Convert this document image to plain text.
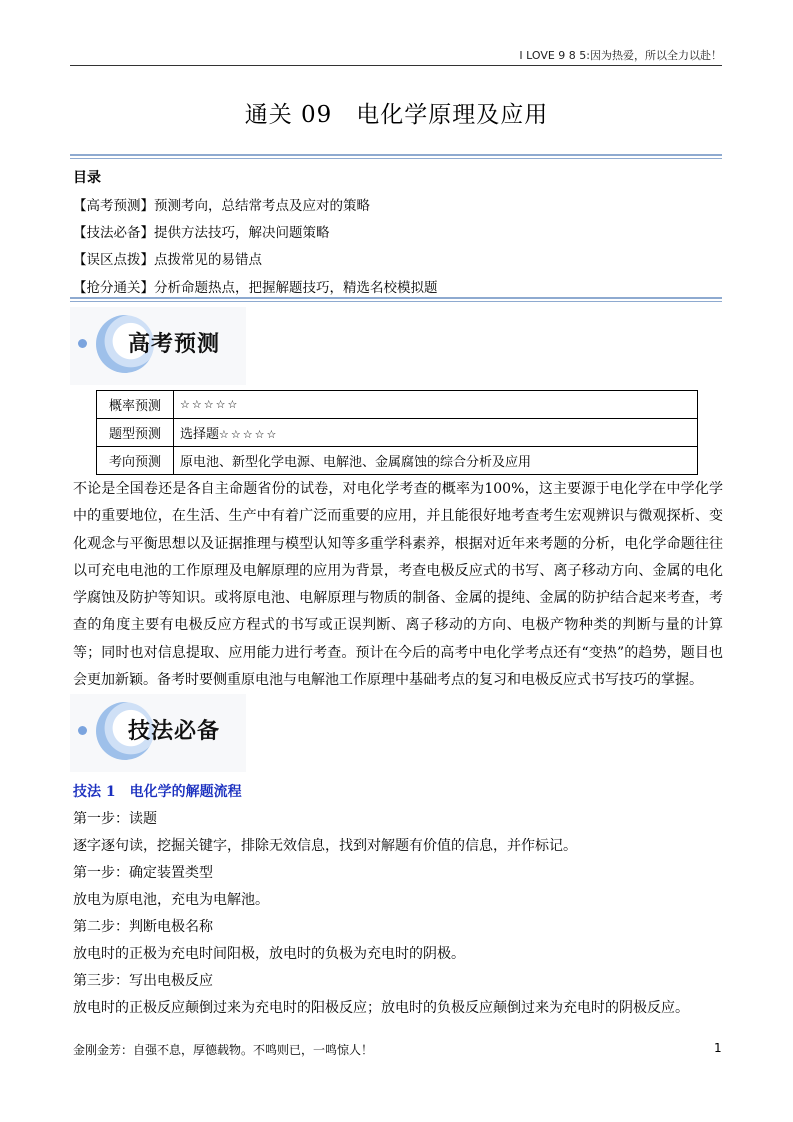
I LOVE 9 8 5:因为热爱，所以全力以赴！
通关 09　电化学原理及应用
目录
【高考预测】预测考向，总结常考点及应对的策略
【技法必备】提供方法技巧，解决问题策略
【误区点拨】点拨常见的易错点
【抢分通关】分析命题热点，把握解题技巧，精选名校模拟题
高考预测
概率预测	☆☆☆☆☆
题型预测	选择题☆☆☆☆☆
考向预测	原电池、新型化学电源、电解池、金属腐蚀的综合分析及应用
不论是全国卷还是各自主命题省份的试卷，对电化学考查的概率为100%，这主要源于电化学在中学化学中的重要地位，在生活、生产中有着广泛而重要的应用，并且能很好地考查考生宏观辨识与微观探析、变化观念与平衡思想以及证据推理与模型认知等多重学科素养，根据对近年来考题的分析，电化学命题往往以可充电电池的工作原理及电解原理的应用为背景，考查电极反应式的书写、离子移动方向、金属的电化学腐蚀及防护等知识。或将原电池、电解原理与物质的制备、金属的提纯、金属的防护结合起来考查，考查的角度主要有电极反应方程式的书写或正误判断、离子移动的方向、电极产物种类的判断与量的计算等；同时也对信息提取、应用能力进行考查。预计在今后的高考中电化学考点还有“变热”的趋势，题目也会更加新颖。备考时要侧重原电池与电解池工作原理中基础考点的复习和电极反应式书写技巧的掌握。
技法必备
技法 1　电化学的解题流程
第一步：读题
逐字逐句读，挖掘关键字，排除无效信息，找到对解题有价值的信息，并作标记。
第一步：确定装置类型
放电为原电池，充电为电解池。
第二步：判断电极名称
放电时的正极为充电时间阳极，放电时的负极为充电时的阴极。
第三步：写出电极反应
放电时的正极反应颠倒过来为充电时的阳极反应；放电时的负极反应颠倒过来为充电时的阴极反应。
金刚金芳：自强不息，厚德载物。不鸣则已，一鸣惊人！	1
